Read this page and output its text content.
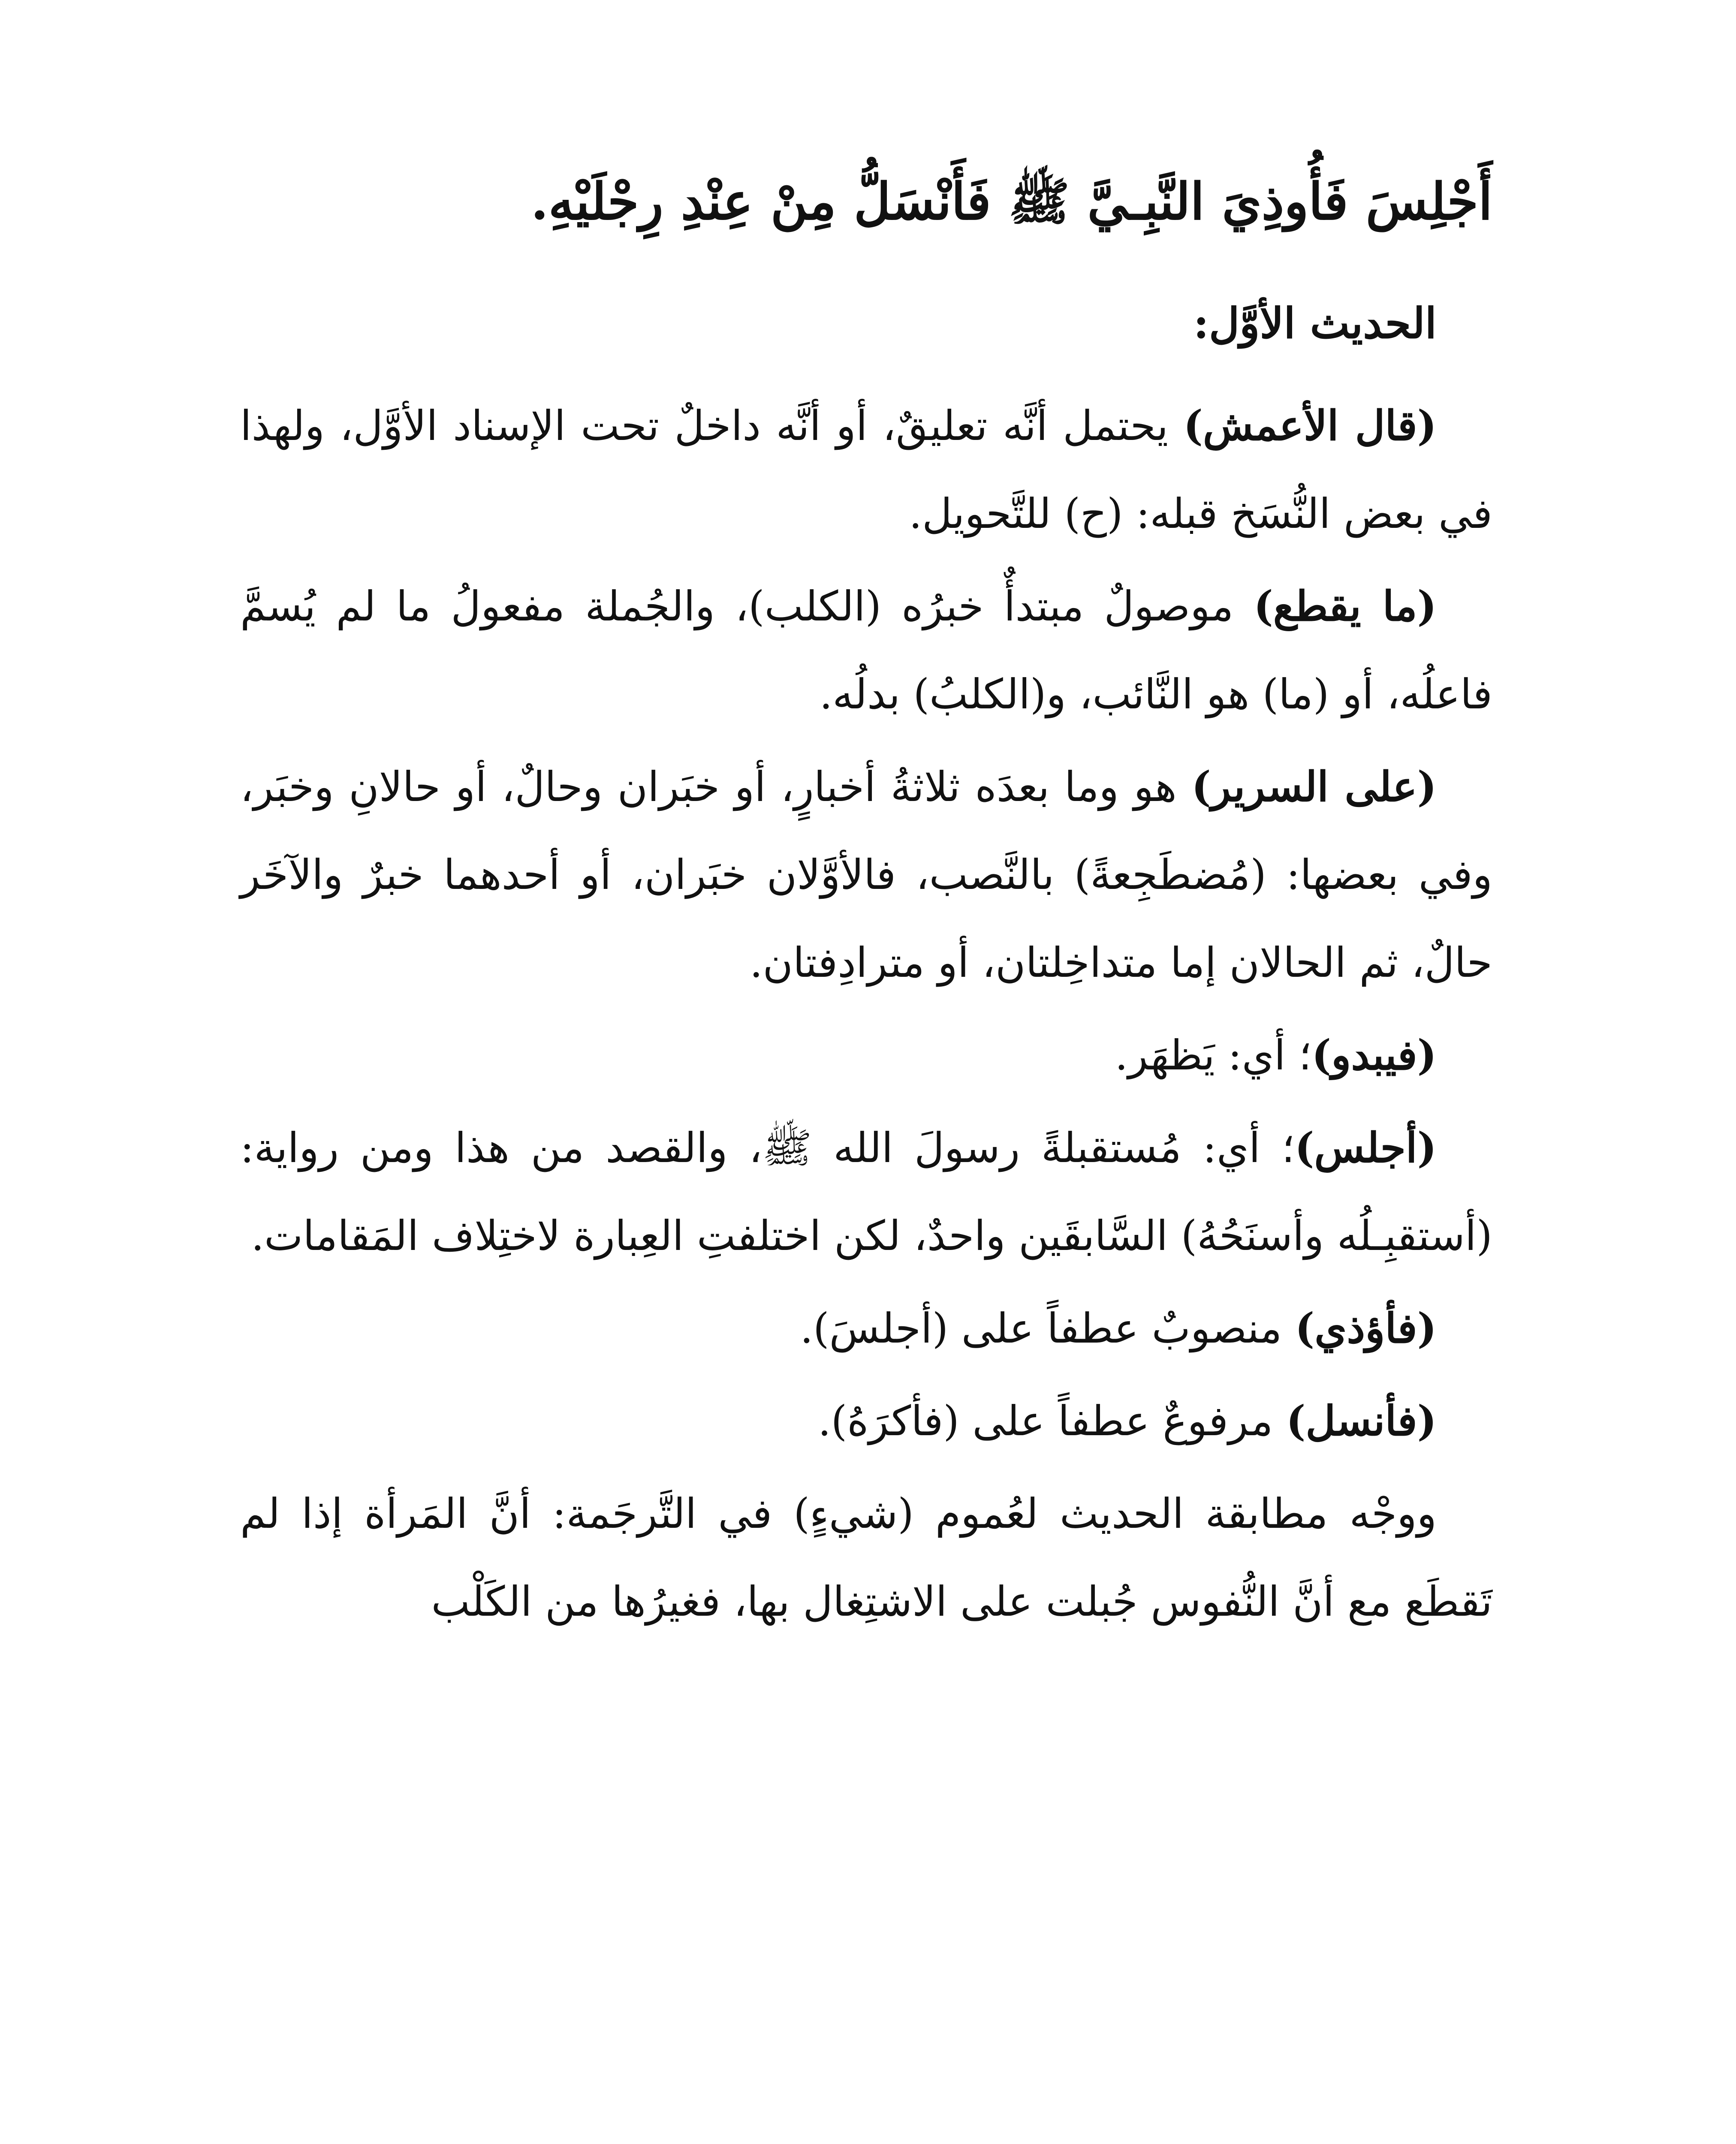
أَجْلِسَ فَأُوذِيَ النَّبِـيَّ ﷺ فَأَنْسَلُّ مِنْ عِنْدِ رِجْلَيْهِ.
الحديث الأوَّل:

(قال الأعمش) يحتمل أنَّه تعليقٌ، أو أنَّه داخلٌ تحت الإسناد الأوَّل، ولهذا في بعض النُّسَخ قبله: (ح) للتَّحويل.

(ما يقطع) موصولٌ مبتدأٌ خبرُه (الكلب)، والجُملة مفعولُ ما لم يُسمَّ فاعلُه، أو (ما) هو النَّائب، و(الكلبُ) بدلُه.

(على السرير) هو وما بعدَه ثلاثةُ أخبارٍ، أو خبَران وحالٌ، أو حالانِ وخبَر، وفي بعضها: (مُضطَجِعةً) بالنَّصب، فالأوَّلان خبَران، أو أحدهما خبرٌ والآخَر حالٌ، ثم الحالان إما متداخِلتان، أو مترادِفتان.

(فيبدو)؛ أي: يَظهَر.

(أجلس)؛ أي: مُستقبلةً رسولَ الله ﷺ، والقصد من هذا ومن رواية: (أستقبِـلُه وأسنَحُهُ) السَّابقَين واحدٌ، لكن اختلفتِ العِبارة لاختِلاف المَقامات.

(فأؤذي) منصوبٌ عطفاً على (أجلسَ).

(فأنسل) مرفوعٌ عطفاً على (فأكرَهُ).

ووجْه مطابقة الحديث لعُموم (شيءٍ) في التَّرجَمة: أنَّ المَرأة إذا لم تَقطَع مع أنَّ النُّفوس جُبلت على الاشتِغال بها، فغيرُها من الكَلْب
